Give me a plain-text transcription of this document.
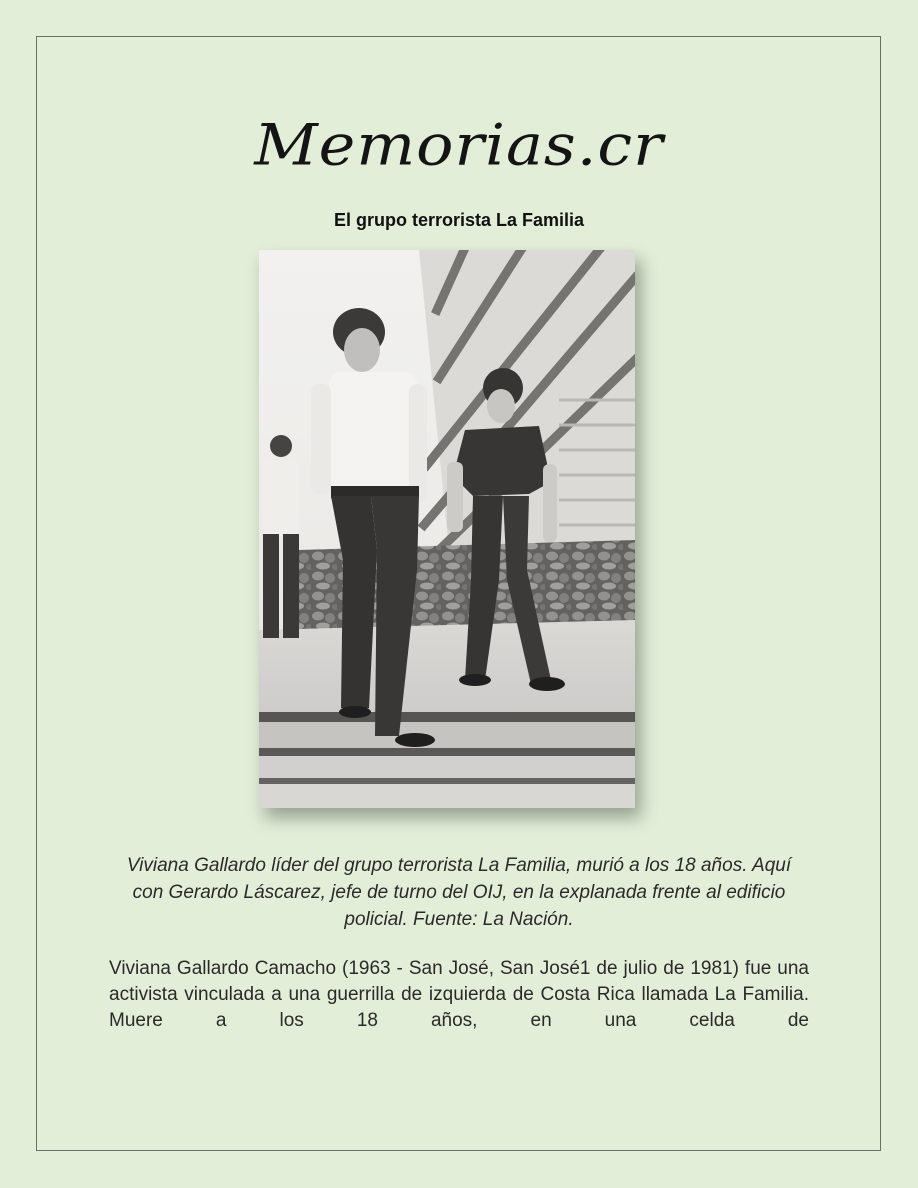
Memorias.cr
El grupo terrorista La Familia
Viviana Gallardo líder del grupo terrorista La Familia, murió a los 18 años. Aquí con Gerardo Láscarez, jefe de turno del OIJ, en la explanada frente al edificio policial. Fuente: La Nación.
Viviana Gallardo Camacho (1963 - San José, San José1 de julio de 1981) fue una activista vinculada a una guerrilla de izquierda de Costa Rica llamada La Familia. Muere a los 18 años, en una celda de
